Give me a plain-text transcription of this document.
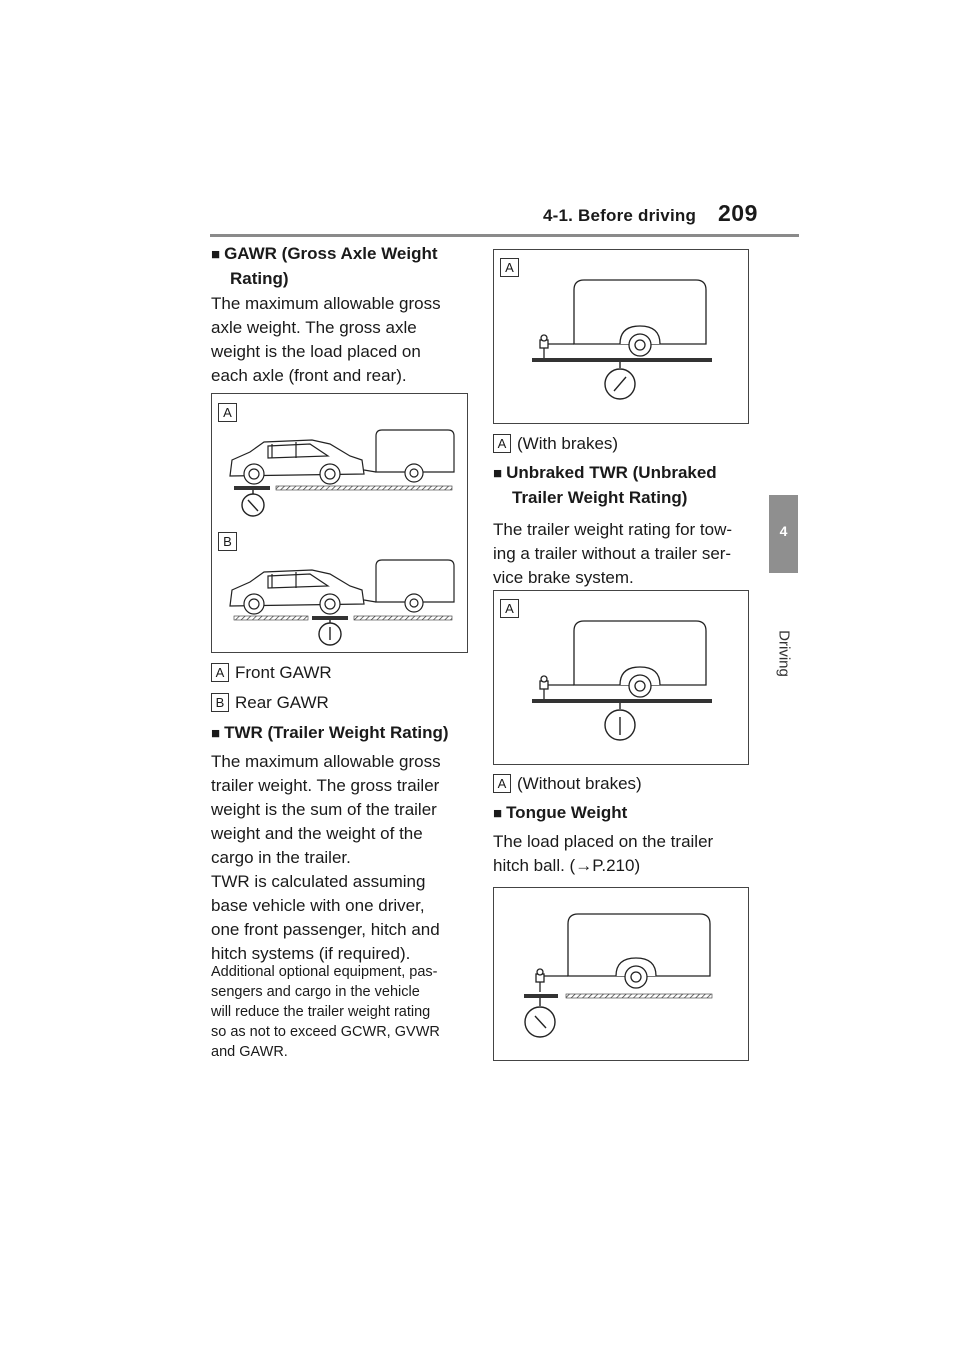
4-1. Before driving 209
4
Driving
■ GAWR (Gross Axle Weight
Rating)
The maximum allowable gross
axle weight. The gross axle
weight is the load placed on
each axle (front and rear).
A
B
A Front GAWR
B Rear GAWR
■ TWR (Trailer Weight Rating)
The maximum allowable gross
trailer weight. The gross trailer
weight is the sum of the trailer
weight and the weight of the
cargo in the trailer.
TWR is calculated assuming
base vehicle with one driver,
one front passenger, hitch and
hitch systems (if required).
Additional optional equipment, pas-
sengers and cargo in the vehicle
will reduce the trailer weight rating
so as not to exceed GCWR, GVWR
and GAWR.
A
A (With brakes)
■ Unbraked TWR (Unbraked
Trailer Weight Rating)
The trailer weight rating for tow-
ing a trailer without a trailer ser-
vice brake system.
A
A (Without brakes)
■ Tongue Weight
The load placed on the trailer
hitch ball. (→P.210)
